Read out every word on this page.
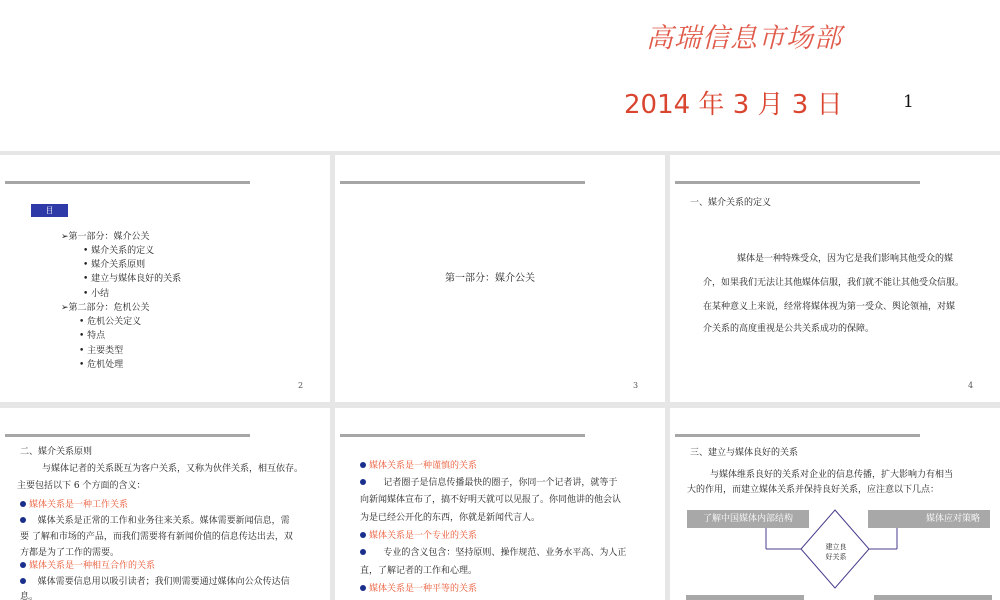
高瑞信息市场部
2014 年 3 月 3 日	1
目
➢第一部分：媒介公关
• 媒介关系的定义
• 媒介关系原则
• 建立与媒体良好的关系
• 小结
➢第二部分：危机公关
• 危机公关定义
• 特点
• 主要类型
• 危机处理
2
第一部分：媒介公关
3
一、媒介关系的定义
媒体是一种特殊受众，因为它是我们影响其他受众的媒
介，如果我们无法让其他媒体信服，我们就不能让其他受众信服。
在某种意义上来说，经常将媒体视为第一受众、舆论领袖，对媒
介关系的高度重视是公共关系成功的保障。
4
二、媒介关系原则
与媒体记者的关系既互为客户关系，又称为伙伴关系，相互依存。
主要包括以下 6 个方面的含义：
媒体关系是一种工作关系
媒体关系是正常的工作和业务往来关系。媒体需要新闻信息，需
要 了解和市场的产品，而我们需要将有新闻价值的信息传达出去，双
方都是为了工作的需要。
媒体关系是一种相互合作的关系
媒体需要信息用以吸引读者；我们则需要通过媒体向公众传达信
息。
媒体关系是一种谨慎的关系
记者圈子是信息传播最快的圈子，你同一个记者讲，就等于
向新闻媒体宣布了，搞不好明天就可以见报了。你同他讲的他会认
为是已经公开化的东西，你就是新闻代言人。
媒体关系是一个专业的关系
专业的含义包含：坚持原则、操作规范、业务水平高、为人正
直，了解记者的工作和心理。
媒体关系是一种平等的关系
三、建立与媒体良好的关系
与媒体维系良好的关系对企业的信息传播，扩大影响力有相当
大的作用，而建立媒体关系并保持良好关系，应注意以下几点：
了解中国媒体内部结构	媒体应对策略
建立良
好关系
